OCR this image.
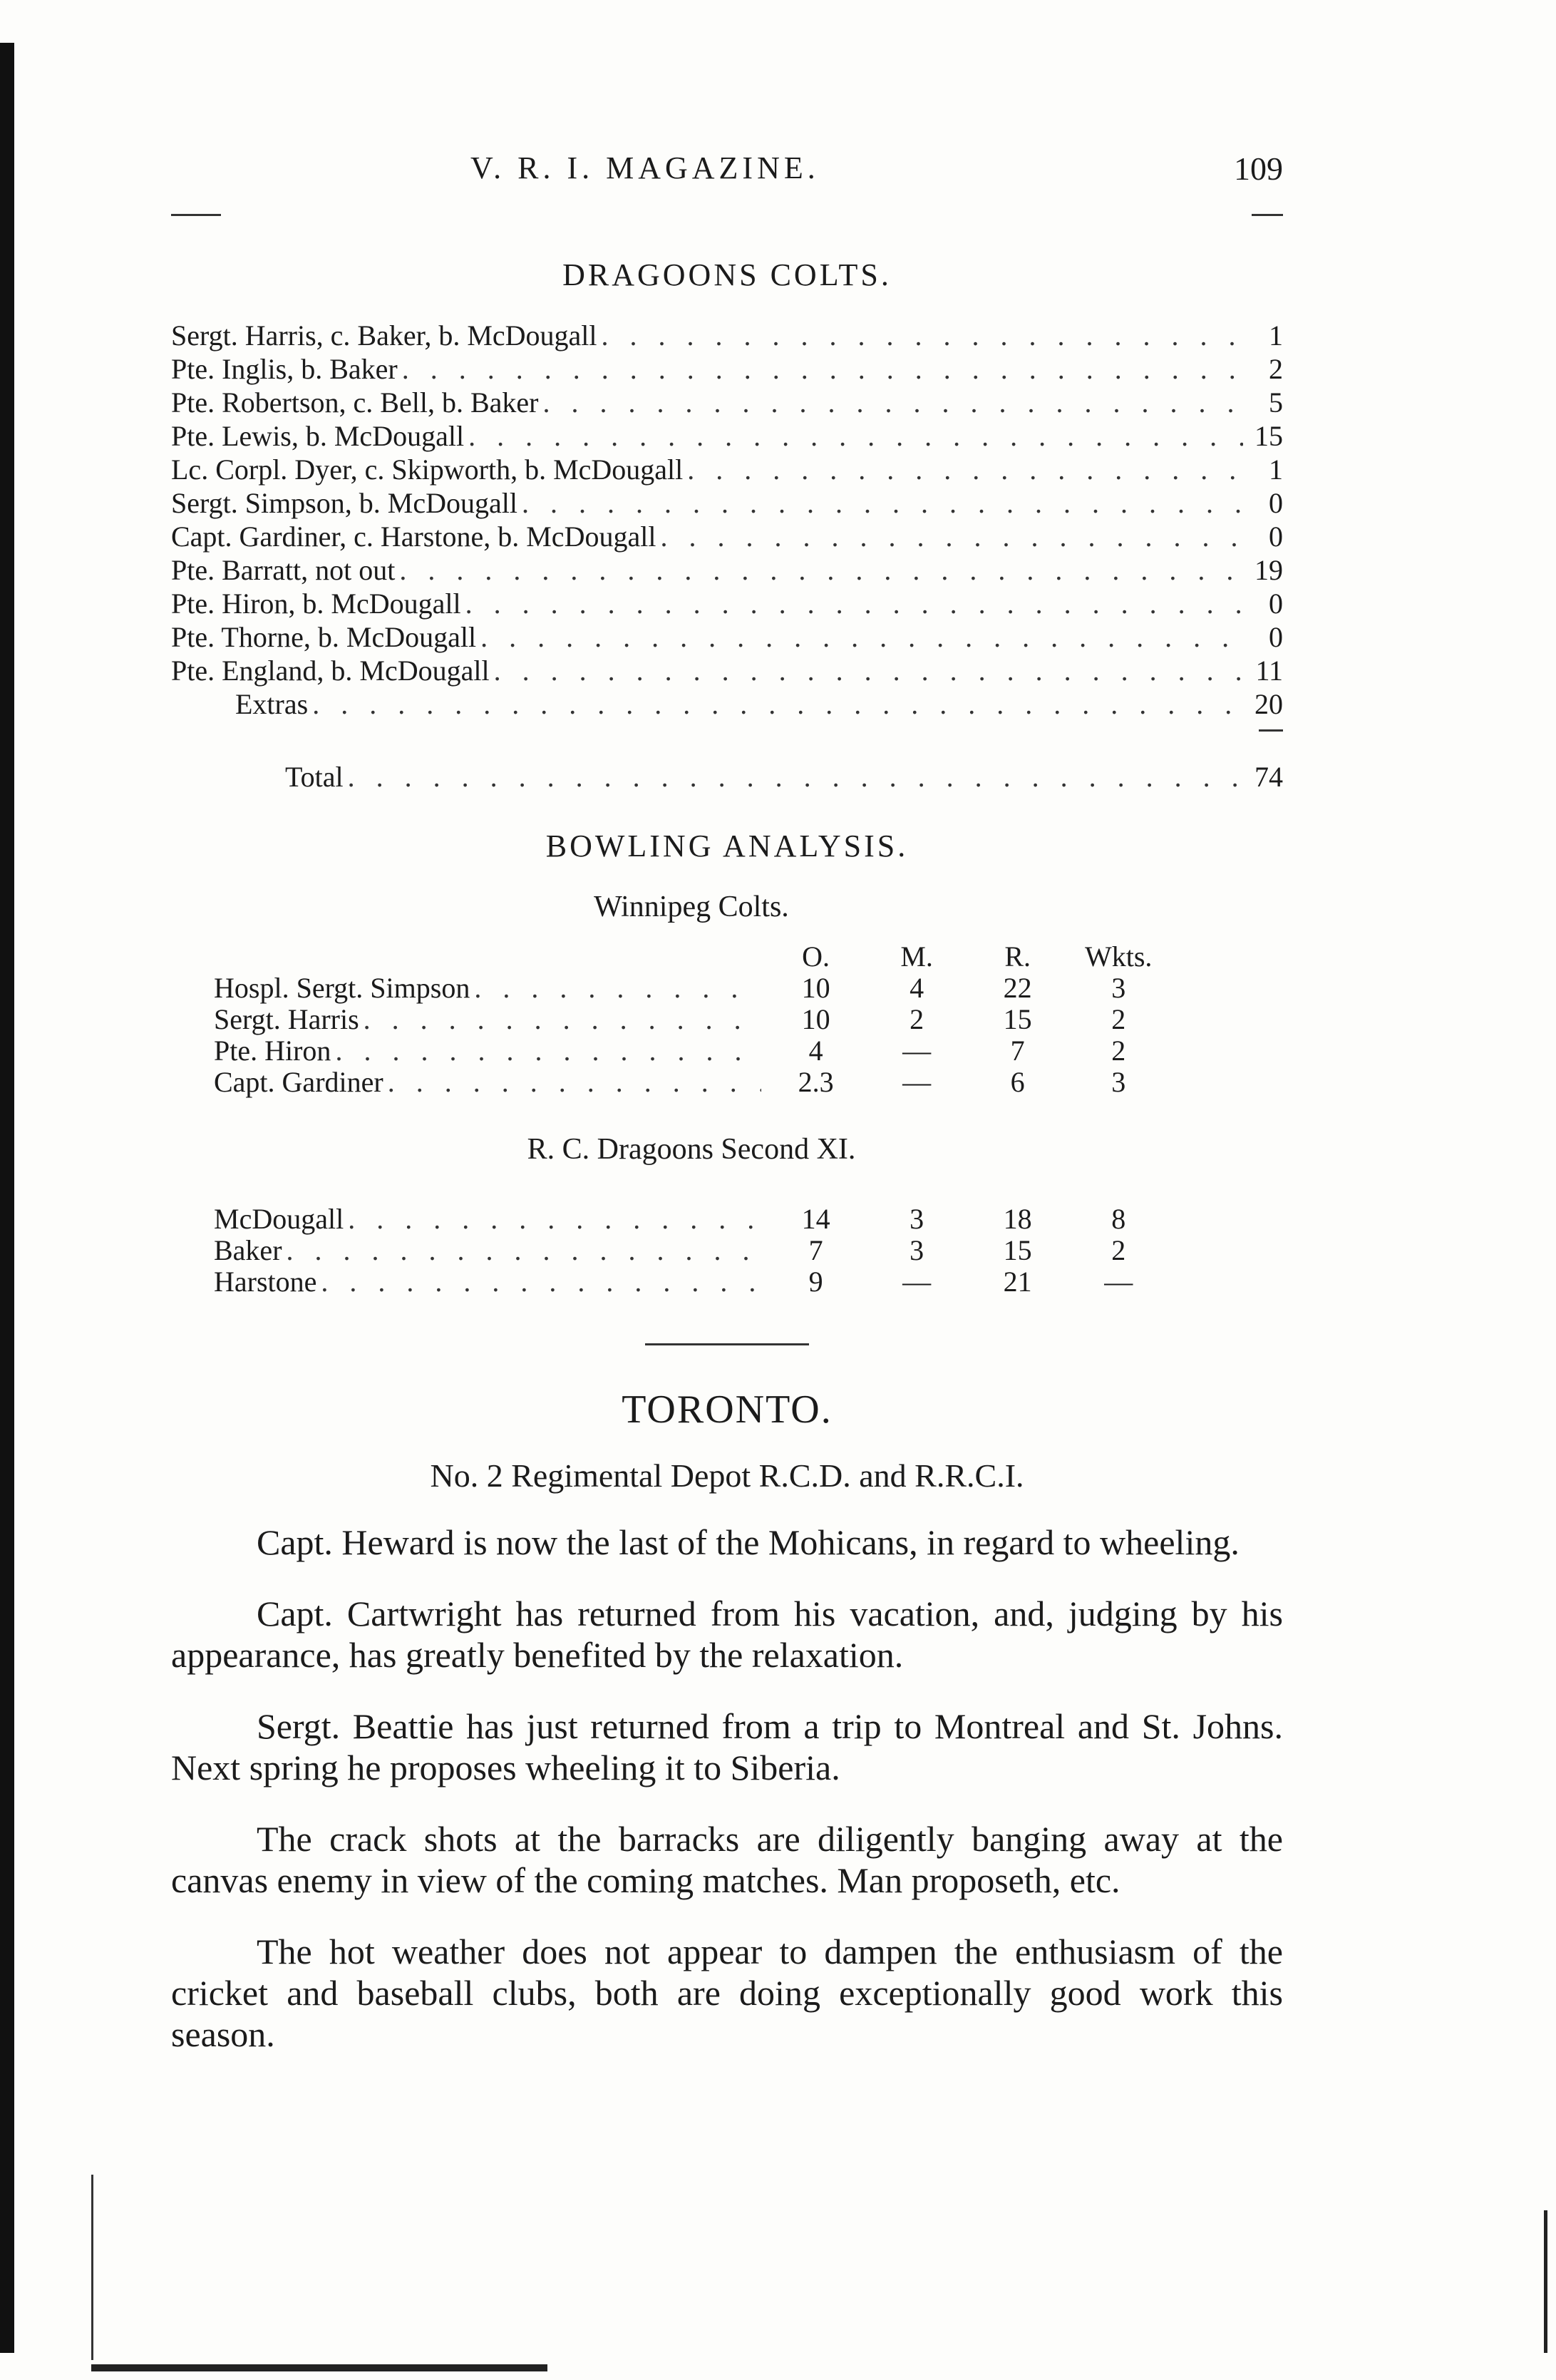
V. R. I. MAGAZINE.	109
DRAGOONS COLTS.
Sergt. Harris, c. Baker, b. McDougall . . .	1
Pte. Inglis, b. Baker . . .	2
Pte. Robertson, c. Bell, b. Baker . . .	5
Pte. Lewis, b. McDougall . . .	15
Lc. Corpl. Dyer, c. Skipworth, b. McDougall . . .	1
Sergt. Simpson, b. McDougall . . .	0
Capt. Gardiner, c. Harstone, b. McDougall . . .	0
Pte. Barratt, not out . . .	19
Pte. Hiron, b. McDougall . . .	0
Pte. Thorne, b. McDougall . . .	0
Pte. England, b. McDougall . . .	11
Extras . . .	20
Total . . .	74
BOWLING ANALYSIS.
Winnipeg Colts.
O.	M.	R.	Wkts.
Hospl. Sergt. Simpson . . .	10	4	22	3
Sergt. Harris . . .	10	2	15	2
Pte. Hiron . . .	4	—	7	2
Capt. Gardiner . . .	2.3	—	6	3
R. C. Dragoons Second XI.
McDougall . . .	14	3	18	8
Baker . . .	7	3	15	2
Harstone . . .	9	—	21	—
TORONTO.
No. 2 Regimental Depot R.C.D. and R.R.C.I.

Capt. Heward is now the last of the Mohicans, in regard to wheeling.

Capt. Cartwright has returned from his vacation, and, judging by his appearance, has greatly benefited by the relaxation.

Sergt. Beattie has just returned from a trip to Montreal and St. Johns. Next spring he proposes wheeling it to Siberia.

The crack shots at the barracks are diligently banging away at the canvas enemy in view of the coming matches. Man proposeth, etc.

The hot weather does not appear to dampen the enthusiasm of the cricket and baseball clubs, both are doing exceptionally good work this season.
